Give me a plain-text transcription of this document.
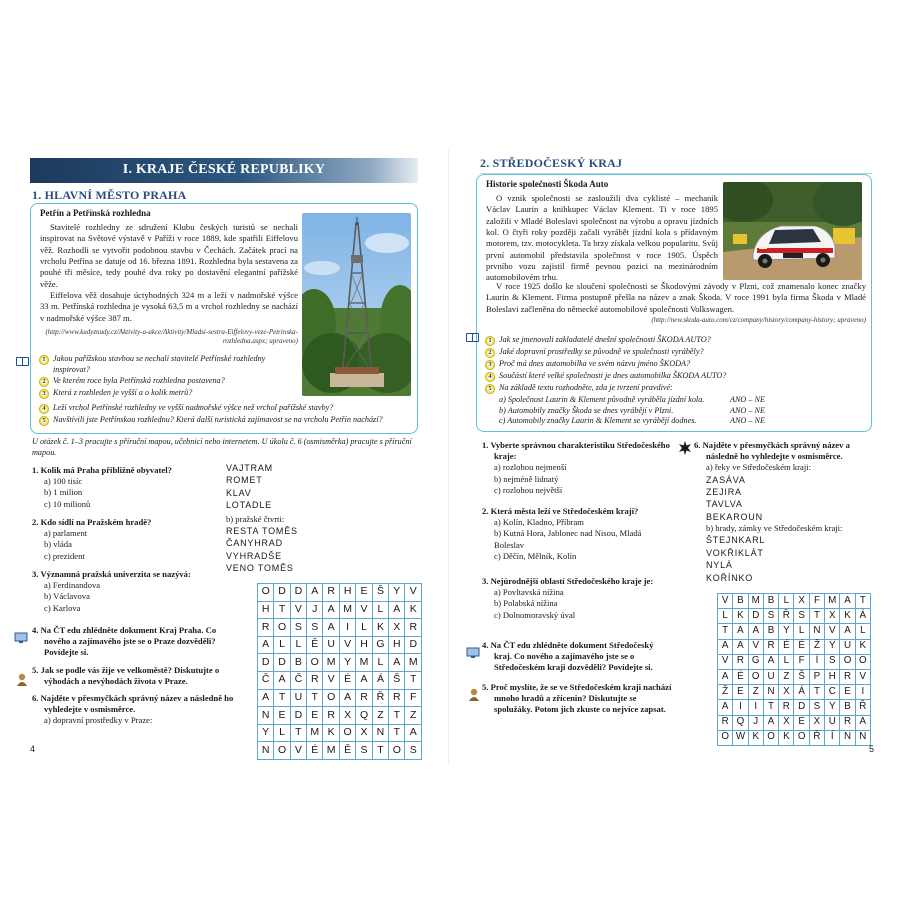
I. KRAJE ČESKÉ REPUBLIKY
1. HLAVNÍ MĚSTO PRAHA
Petřín a Petřínská rozhledna

Stavitelé rozhledny ze sdružení Klubu českých turistů se nechali inspirovat na Světové výstavě v Paříži v roce 1889, kde spatřili Eiffelovu věž. Rozhodli se vytvořit podobnou stavbu v Čechách. Začátek prací na vrcholu Petřína se datuje od 16. března 1891. Rozhledna byla sestavena za pouhé tři měsíce, tedy pouhé dva roky po dostavění elegantní pařížské věže.

Eiffelova věž dosahuje úctyhodných 324 m a leží v nadmořské výšce 33 m. Petřínská rozhledna je vysoká 63,5 m a vrchol rozhledny se nachází v nadmořské výšce 387 m.

(http://www.kudyznudy.cz/Aktivity-a-akce/Aktivity/Mladsi-sestra-Eiffelovy-veze-Petrinska-rozhledna.aspx; upraveno)
1 Jakou pařížskou stavbou se nechali stavitelé Petřínské rozhledny inspirovat?
2 Ve kterém roce byla Petřínská rozhledna postavena?
3 Která z rozhleden je vyšší a o kolik metrů?
4 Leží vrchol Petřínské rozhledny ve vyšší nadmořské výšce než vrchol pařížské stavby?
5 Navštívili jste Petřínskou rozhlednu? Která další turistická zajímavost se na vrcholu Petřín nachází?
U otázek č. 1–3 pracujte s příruční mapou, učebnicí nebo internetem. U úkolu č. 6 (osmisměrka) pracujte s příruční mapou.
1. Kolik má Praha přibližně obyvatel?
a) 100 tisíc
b) 1 milion
c) 10 milionů
2. Kdo sídlí na Pražském hradě?
a) parlament
b) vláda
c) prezident
3. Významná pražská univerzita se nazývá:
a) Ferdinandova
b) Václavova
c) Karlova
4. Na ČT edu zhlédněte dokument Kraj Praha. Co nového a zajímavého jste se o Praze dozvěděli? Povídejte si.
5. Jak se podle vás žije ve velkoměstě? Diskutujte o výhodách a nevýhodách života v Praze.
6. Najděte v přesmyčkách správný název a následně ho vyhledejte v osmisměrce.
a) dopravní prostředky v Praze:
VAJTRAM
ROMET
KLAV
LOTADLE
b) pražské čtvrti:
RESTA TOMĚS
ČANYHRAD
VYHRADŠE
VENO TOMĚS
O	D	D	A	R	H	E	Š	Y	V
H	T	V	J	A	M	V	L	A	K
R	O	S	S	A	I	L	K	X	R
A	L	L	Ě	U	V	H	G	H	D
D	D	B	O	M	Y	M	L	A	M
Č	A	Č	R	V	É	A	Á	Š	T
A	T	U	T	O	A	R	Ř	R	F
N	E	D	E	R	X	Q	Z	T	Z
Y	L	T	M	K	O	X	N	T	A
N	O	V	É	M	Ě	S	T	O	S
4
2. STŘEDOČESKÝ KRAJ
Historie společnosti Škoda Auto

O vznik společnosti se zasloužili dva cyklisté – mechanik Václav Laurin a knihkupec Václav Klement. Ti v roce 1895 založili v Mladé Boleslavi společnost na výrobu a opravu jízdních kol. O čtyři roky později začali vyrábět jízdní kola s přídavným motorem, tzv. motocykleta. Ta brzy získala velkou popularitu. Svůj první automobil představila společnost v roce 1905. Úspěch prvního vozu zajistil firmě pevnou pozici na mezinárodním automobilovém trhu.

V roce 1925 došlo ke sloučení společnosti se Škodovými závody v Plzni, což znamenalo konec značky Laurin & Klement. Firma postupně přešla na název a znak Škoda. V roce 1991 byla firma Škoda v Mladé Boleslavi začleněna do německé automobilové společnosti Volkswagen.

(http://new.skoda-auto.com/cz/company/history/company-history; upraveno)
1 Jak se jmenovali zakladatelé dnešní společnosti ŠKODA AUTO?
2 Jaké dopravní prostředky se původně ve společnosti vyráběly?
3 Proč má dnes automobilka ve svém názvu jméno ŠKODA?
4 Součástí které velké společnosti je dnes automobilka ŠKODA AUTO?
5 Na základě textu rozhodněte, zda je tvrzení pravdivé:
a) Společnost Laurin & Klement původně vyráběla jízdní kola.	ANO – NE
b) Automobily značky Škoda se dnes vyrábějí v Plzni.	ANO – NE
c) Automobily značky Laurin & Klement se vyrábějí dodnes.	ANO – NE
1. Vyberte správnou charakteristiku Středočeského kraje:
a) rozlohou nejmenší
b) nejméně lidnatý
c) rozlohou největší
2. Která města leží ve Středočeském kraji?
a) Kolín, Kladno, Příbram
b) Kutná Hora, Jablonec nad Nisou, Mladá Boleslav
c) Děčín, Mělník, Kolín
3. Nejúrodnější oblastí Středočeského kraje je:
a) Povltavská nížina
b) Polabská nížina
c) Dolnomoravský úval
4. Na ČT edu zhlédněte dokument Středočeský kraj. Co nového a zajímavého jste se o Středočeském kraji dozvěděli? Povídejte si.
5. Proč myslíte, že se ve Středočeském kraji nachází mnoho hradů a zřícenin? Diskutujte se spolužáky. Potom jich zkuste co nejvíce zapsat.
6. Najděte v přesmyčkách správný název a následně ho vyhledejte v osmisměrce.
a) řeky ve Středočeském kraji:
ZASÁVA
ZEJIRA
TAVLVA
BEKAROUN
b) hrady, zámky ve Středočeském kraji:
ŠTEJNKARL
VOKŘIKLÁT
NYLÁ
KOŘÍNKO
V	B	M	B	L	X	F	M	A	T
L	K	D	S	Ř	S	T	X	K	Á
T	A	A	B	Y	L	N	V	A	L
A	A	V	R	É	É	Ž	Y	U	K
V	R	G	A	L	F	Í	S	O	O
A	É	O	U	Z	Š	P	H	R	V
Ž	E	Z	N	X	Á	T	C	E	I
A	I	I	T	R	D	S	Y	B	Ř
R	Q	J	A	X	E	X	U	R	A
O	W	K	O	K	O	Ř	Í	N	N
5
